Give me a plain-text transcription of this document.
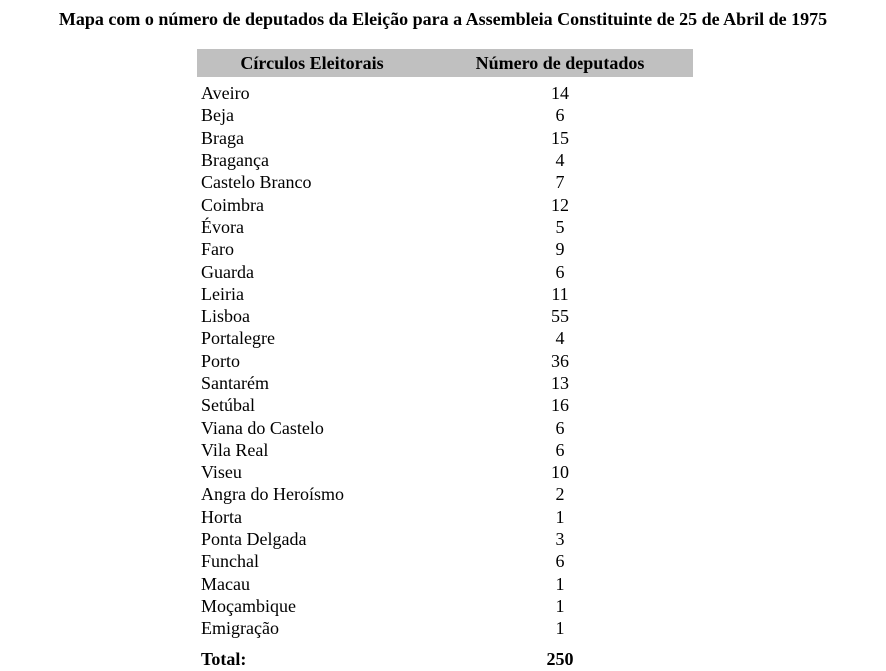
Mapa com o número de deputados da Eleição para a Assembleia Constituinte de 25 de Abril de 1975
Círculos Eleitorais	Número de deputados
Aveiro	14
Beja	6
Braga	15
Bragança	4
Castelo Branco	7
Coimbra	12
Évora	5
Faro	9
Guarda	6
Leiria	11
Lisboa	55
Portalegre	4
Porto	36
Santarém	13
Setúbal	16
Viana do Castelo	6
Vila Real	6
Viseu	10
Angra do Heroísmo	2
Horta	1
Ponta Delgada	3
Funchal	6
Macau	1
Moçambique	1
Emigração	1
Total:	250
